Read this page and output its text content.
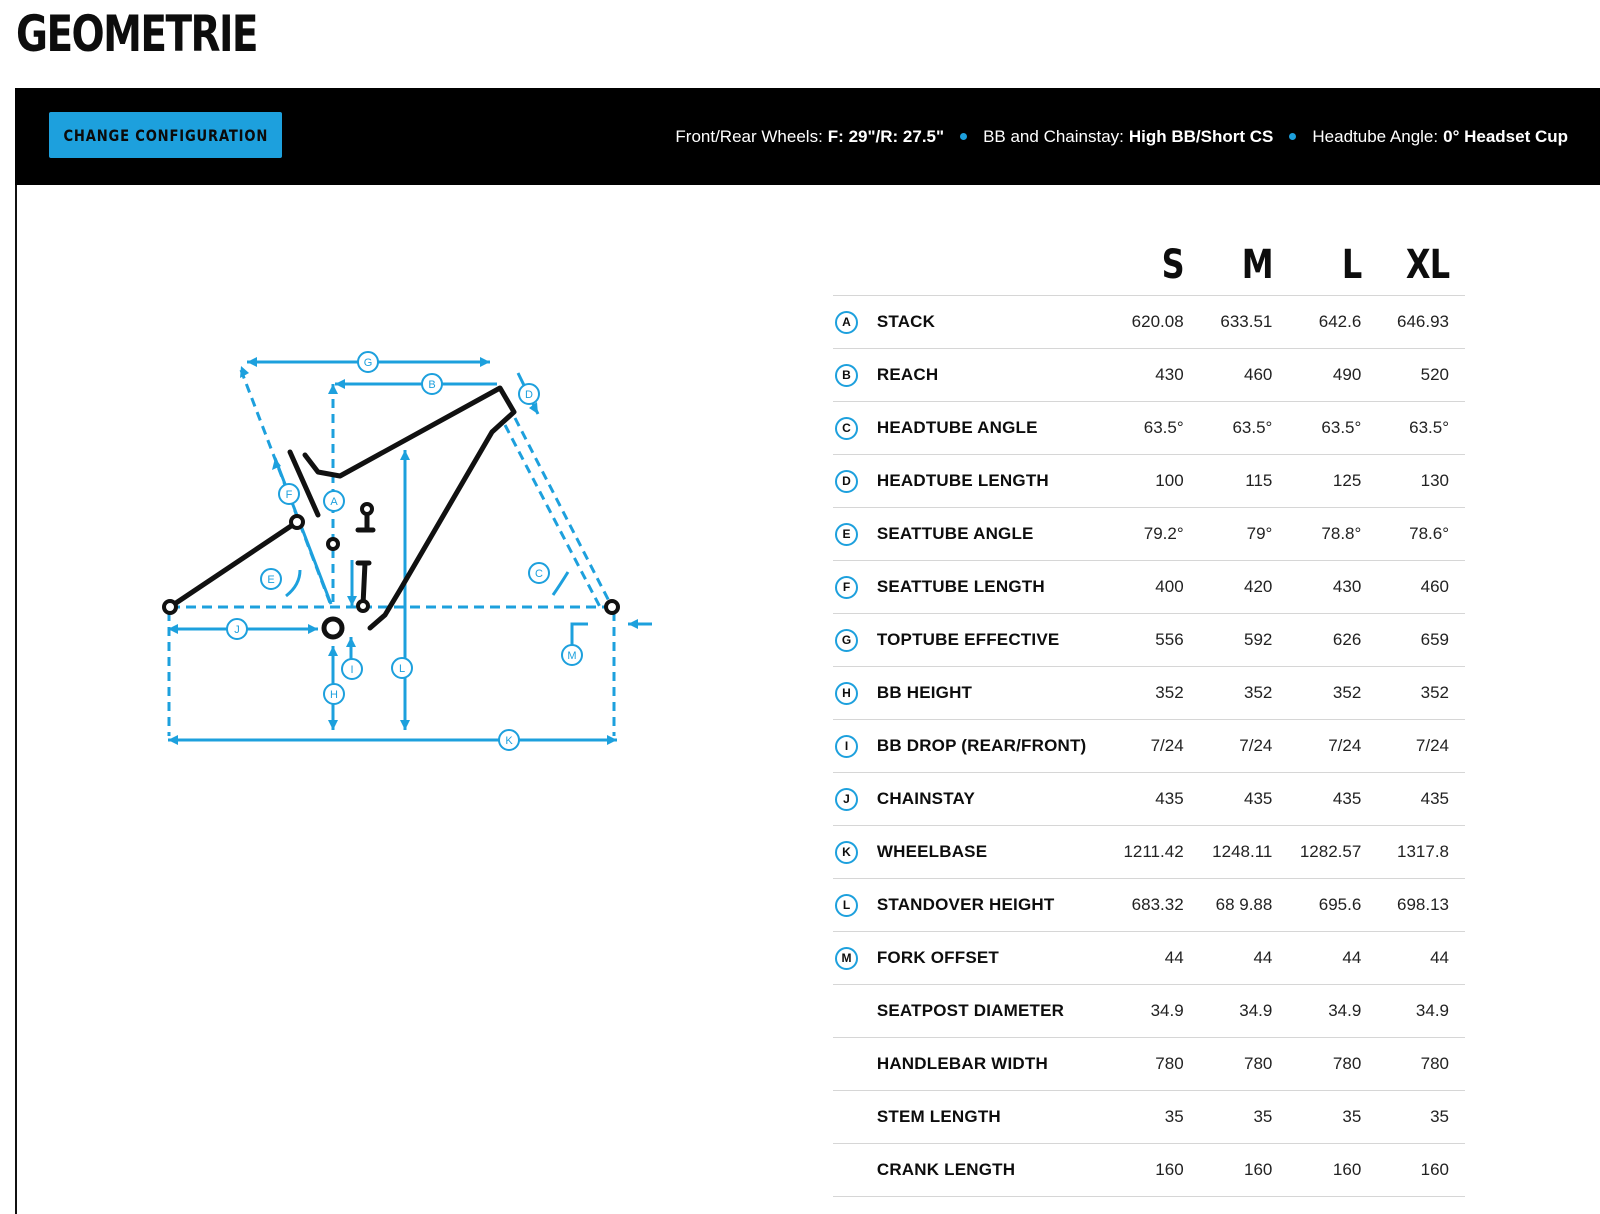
GEOMETRIE
CHANGE CONFIGURATION	Front/Rear Wheels: F: 29"/R: 27.5" BB and Chainstay: High BB/Short CS Headtube Angle: 0° Headset Cup
G
B
D
A
F
E	C
J
M
I
H
L
K
		S	M	L	XL
A	STACK	620.08	633.51	642.6	646.93
B	REACH	430	460	490	520
C	HEADTUBE ANGLE	63.5°	63.5°	63.5°	63.5°
D	HEADTUBE LENGTH	100	115	125	130
E	SEATTUBE ANGLE	79.2°	79°	78.8°	78.6°
F	SEATTUBE LENGTH	400	420	430	460
G	TOPTUBE EFFECTIVE	556	592	626	659
H	BB HEIGHT	352	352	352	352
I	BB DROP (REAR/FRONT)	7/24	7/24	7/24	7/24
J	CHAINSTAY	435	435	435	435
K	WHEELBASE	1211.42	1248.11	1282.57	1317.8
L	STANDOVER HEIGHT	683.32	68 9.88	695.6	698.13
M	FORK OFFSET	44	44	44	44
	SEATPOST DIAMETER	34.9	34.9	34.9	34.9
	HANDLEBAR WIDTH	780	780	780	780
	STEM LENGTH	35	35	35	35
	CRANK LENGTH	160	160	160	160
